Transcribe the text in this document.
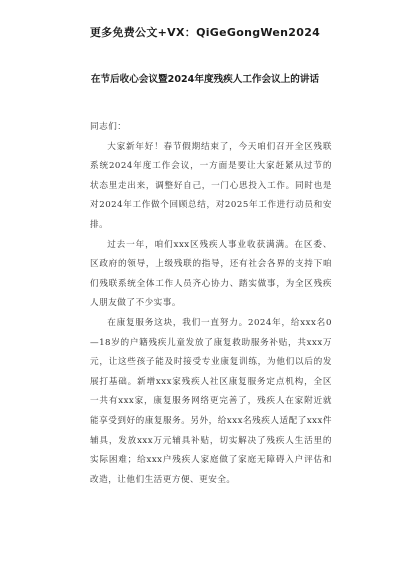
更多免费公文+VX：QiGeGongWen2024
在节后收心会议暨2024年度残疾人工作会议上的讲话

同志们：

大家新年好！春节假期结束了，今天咱们召开全区残联系统2024年度工作会议，一方面是要让大家赶紧从过节的状态里走出来，调整好自己，一门心思投入工作。同时也是对2024年工作做个回顾总结，对2025年工作进行动员和安排。

过去一年，咱们xxx区残疾人事业收获满满。在区委、区政府的领导，上级残联的指导，还有社会各界的支持下咱们残联系统全体工作人员齐心协力、踏实做事，为全区残疾人朋友做了不少实事。

在康复服务这块，我们一直努力。2024年，给xxx名0—18岁的户籍残疾儿童发放了康复救助服务补贴，共xxx万元，让这些孩子能及时接受专业康复训练，为他们以后的发展打基础。新增xxx家残疾人社区康复服务定点机构，全区一共有xxx家，康复服务网络更完善了，残疾人在家附近就能享受到好的康复服务。另外，给xxx名残疾人适配了xxx件辅具，发放xxx万元辅具补贴，切实解决了残疾人生活里的实际困难；给xxx户残疾人家庭做了家庭无障碍入户评估和改造，让他们生活更方便、更安全。
